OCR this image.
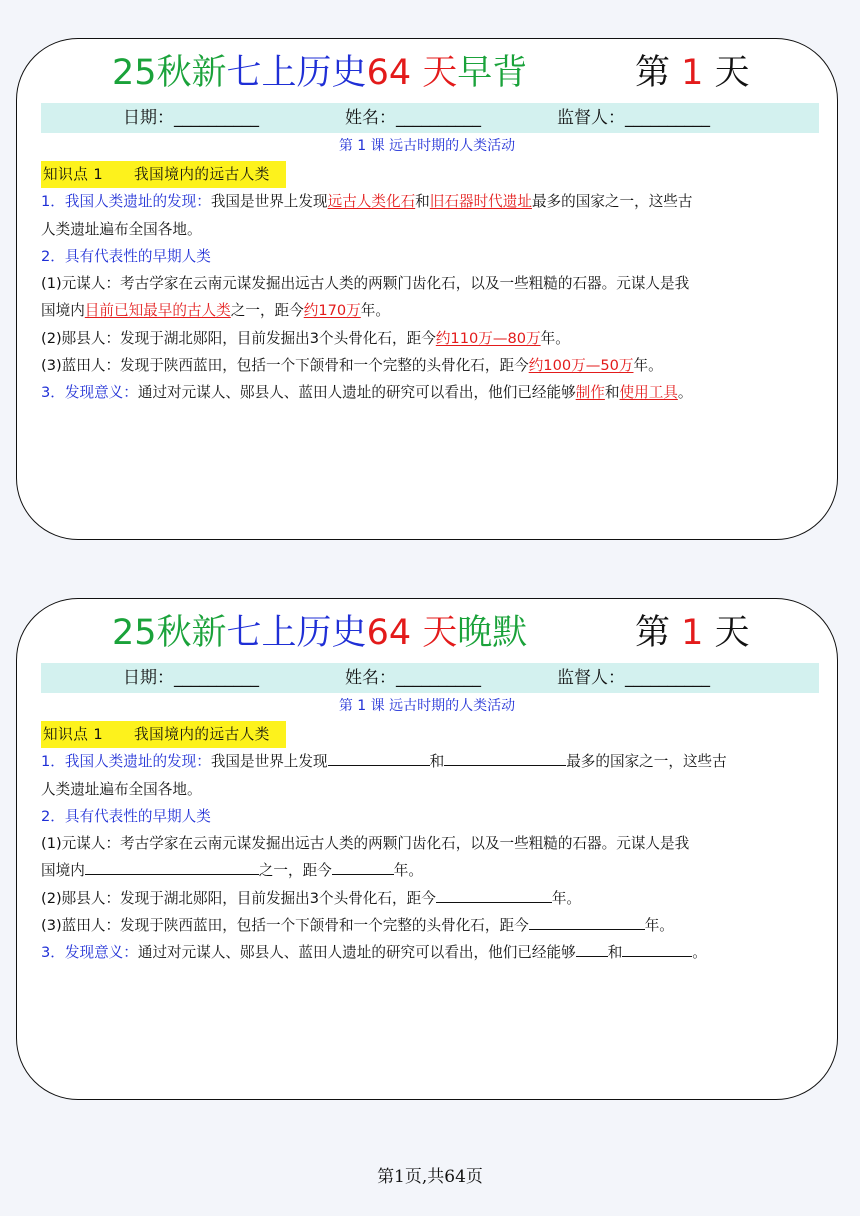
25秋新七上历史64 天早背	第 1 天
日期：__________	姓名：__________	监督人：__________
第 1 课 远古时期的人类活动
知识点 1      我国境内的远古人类
1．我国人类遗址的发现：我国是世界上发现远古人类化石和旧石器时代遗址最多的国家之一，这些古
人类遗址遍布全国各地。
2．具有代表性的早期人类
(1)元谋人：考古学家在云南元谋发掘出远古人类的两颗门齿化石，以及一些粗糙的石器。元谋人是我
国境内目前已知最早的古人类之一，距今约170万年。
(2)郧县人：发现于湖北郧阳，目前发掘出3个头骨化石，距今约110万—80万年。
(3)蓝田人：发现于陕西蓝田，包括一个下颌骨和一个完整的头骨化石，距今约100万—50万年。
3．发现意义：通过对元谋人、郧县人、蓝田人遗址的研究可以看出，他们已经能够制作和使用工具。
25秋新七上历史64 天晚默	第 1 天
日期：__________	姓名：__________	监督人：__________
第 1 课 远古时期的人类活动
知识点 1      我国境内的远古人类
1．我国人类遗址的发现：我国是世界上发现	和	最多的国家之一，这些古
人类遗址遍布全国各地。
2．具有代表性的早期人类
(1)元谋人：考古学家在云南元谋发掘出远古人类的两颗门齿化石，以及一些粗糙的石器。元谋人是我
国境内	之一，距今	年。
(2)郧县人：发现于湖北郧阳，目前发掘出3个头骨化石，距今	年。
(3)蓝田人：发现于陕西蓝田，包括一个下颌骨和一个完整的头骨化石，距今	年。
3．发现意义：通过对元谋人、郧县人、蓝田人遗址的研究可以看出，他们已经能够 和	。
第1页,共64页
